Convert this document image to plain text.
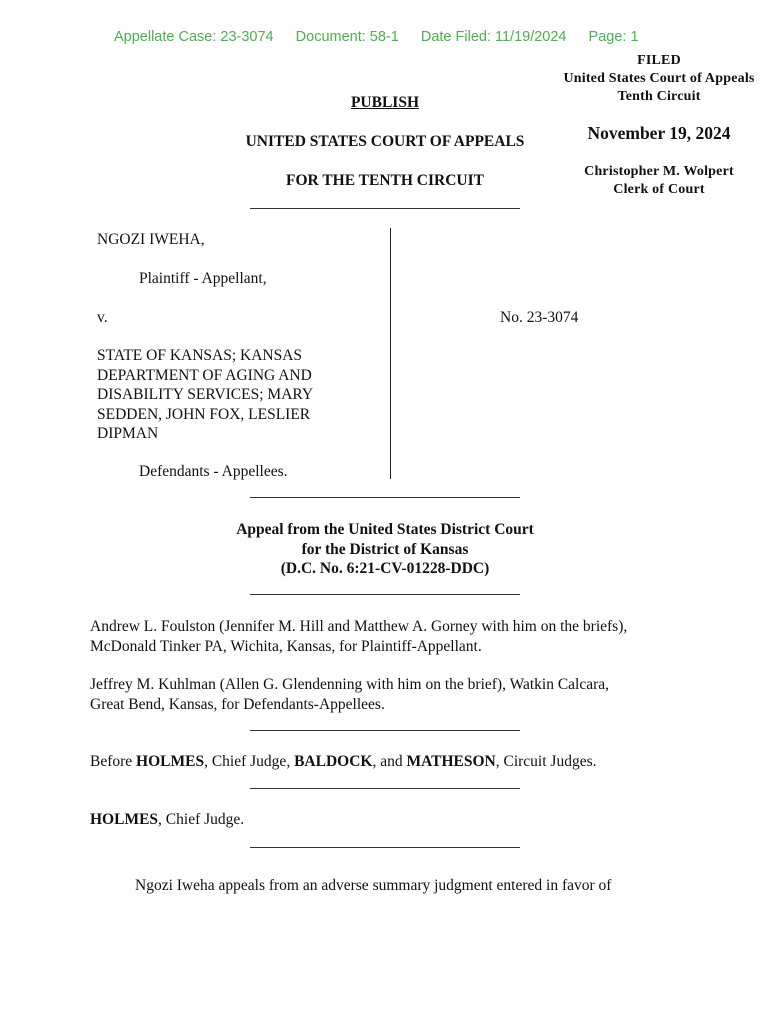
Appellate Case: 23-3074 Document: 58-1 Date Filed: 11/19/2024 Page: 1
FILED
United States Court of Appeals
Tenth Circuit
November 19, 2024
Christopher M. Wolpert
Clerk of Court
PUBLISH
UNITED STATES COURT OF APPEALS
FOR THE TENTH CIRCUIT
NGOZI IWEHA,
Plaintiff - Appellant,
v.
STATE OF KANSAS; KANSAS
DEPARTMENT OF AGING AND
DISABILITY SERVICES; MARY
SEDDEN, JOHN FOX, LESLIER
DIPMAN
Defendants - Appellees.
No. 23-3074
Appeal from the United States District Court
for the District of Kansas
(D.C. No. 6:21-CV-01228-DDC)
Andrew L. Foulston (Jennifer M. Hill and Matthew A. Gorney with him on the briefs),
McDonald Tinker PA, Wichita, Kansas, for Plaintiff-Appellant.
Jeffrey M. Kuhlman (Allen G. Glendenning with him on the brief), Watkin Calcara,
Great Bend, Kansas, for Defendants-Appellees.
Before HOLMES, Chief Judge, BALDOCK, and MATHESON, Circuit Judges.
HOLMES, Chief Judge.
Ngozi Iweha appeals from an adverse summary judgment entered in favor of
